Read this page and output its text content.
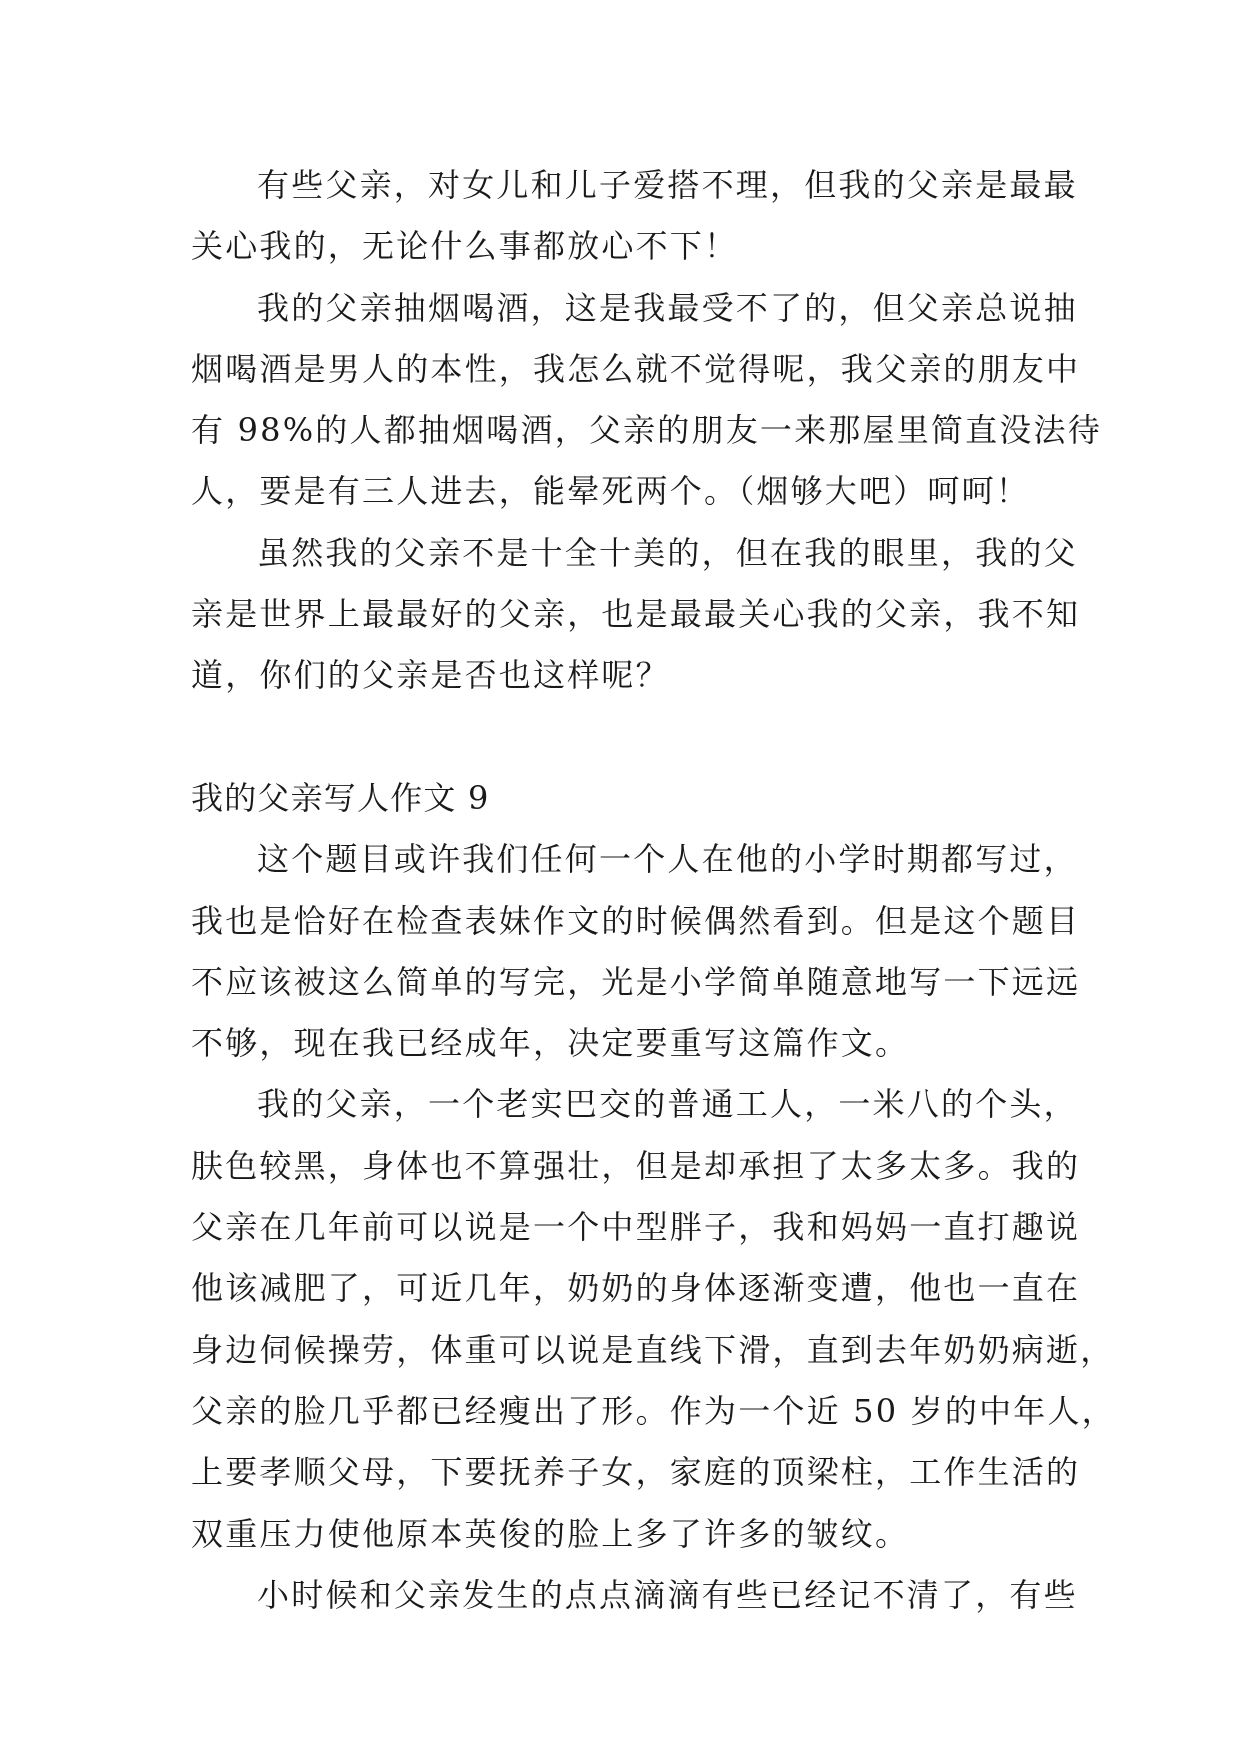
有些父亲，对女儿和儿子爱搭不理，但我的父亲是最最
关心我的，无论什么事都放心不下！
我的父亲抽烟喝酒，这是我最受不了的，但父亲总说抽
烟喝酒是男人的本性，我怎么就不觉得呢，我父亲的朋友中
有 98%的人都抽烟喝酒，父亲的朋友一来那屋里简直没法待
人，要是有三人进去，能晕死两个。（烟够大吧）呵呵！
虽然我的父亲不是十全十美的，但在我的眼里，我的父
亲是世界上最最好的父亲，也是最最关心我的父亲，我不知
道，你们的父亲是否也这样呢？
我的父亲写人作文 9
这个题目或许我们任何一个人在他的小学时期都写过，
我也是恰好在检查表妹作文的时候偶然看到。但是这个题目
不应该被这么简单的写完，光是小学简单随意地写一下远远
不够，现在我已经成年，决定要重写这篇作文。
我的父亲，一个老实巴交的普通工人，一米八的个头，
肤色较黑，身体也不算强壮，但是却承担了太多太多。我的
父亲在几年前可以说是一个中型胖子，我和妈妈一直打趣说
他该减肥了，可近几年，奶奶的身体逐渐变遭，他也一直在
身边伺候操劳，体重可以说是直线下滑，直到去年奶奶病逝，
父亲的脸几乎都已经瘦出了形。作为一个近 50 岁的中年人，
上要孝顺父母，下要抚养子女，家庭的顶梁柱，工作生活的
双重压力使他原本英俊的脸上多了许多的皱纹。
小时候和父亲发生的点点滴滴有些已经记不清了，有些
